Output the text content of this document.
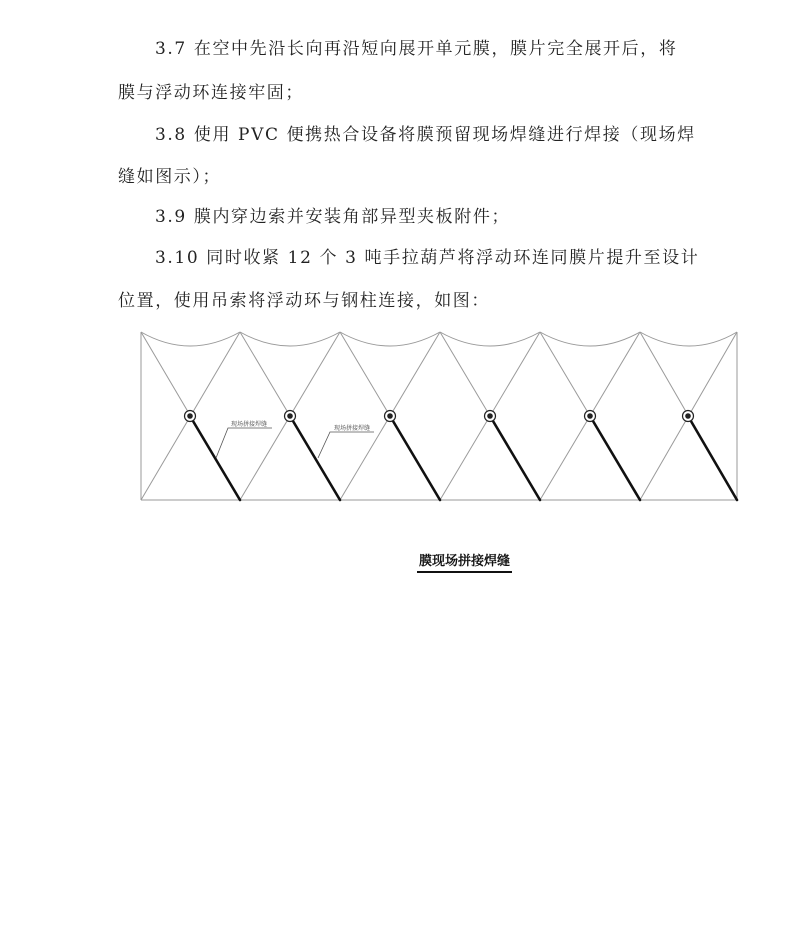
3.7 在空中先沿长向再沿短向展开单元膜，膜片完全展开后，将

膜与浮动环连接牢固；

3.8 使用 PVC 便携热合设备将膜预留现场焊缝进行焊接（现场焊

缝如图示）；

3.9 膜内穿边索并安装角部异型夹板附件；

3.10 同时收紧 12 个 3 吨手拉葫芦将浮动环连同膜片提升至设计

位置，使用吊索将浮动环与钢柱连接，如图：

现场拼接焊缝
现场拼接焊缝
膜现场拼接焊缝
